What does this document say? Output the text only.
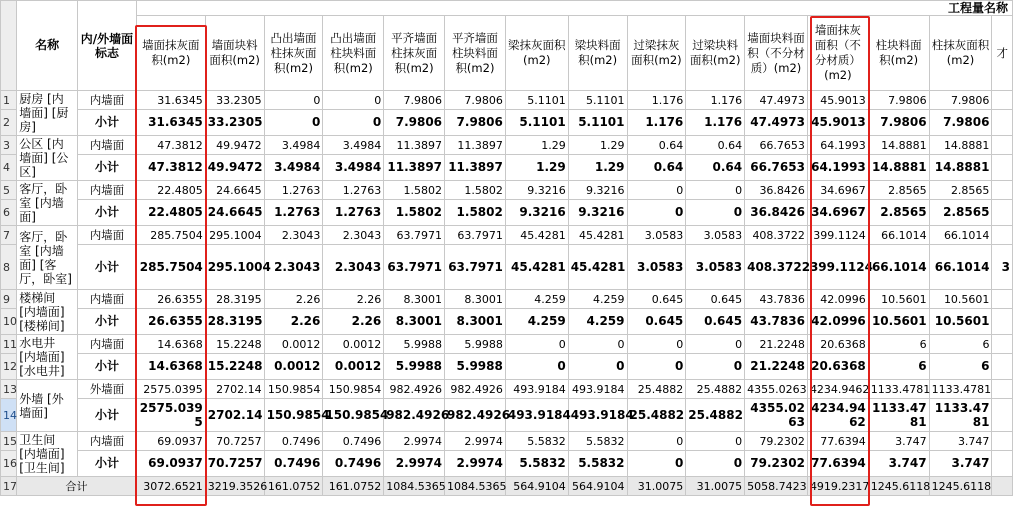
	名称	内/外墙面标志	工程量名称														
			墙面抹灰面积(m2)	墙面块料面积(m2)	凸出墙面柱抹灰面积(m2)	凸出墙面柱块料面积(m2)	平齐墙面柱抹灰面积(m2)	平齐墙面柱块料面积(m2)	梁抹灰面积(m2)	梁块料面积(m2)	过梁抹灰面积(m2)	过梁块料面积(m2)	墙面块料面积（不分材质）(m2)	墙面抹灰面积（不分材质）(m2)	柱块料面积(m2)	柱抹灰面积(m2)	才
1	厨房 [内墙面] [厨房]	内墙面	31.6345	33.2305	0	0	7.9806	7.9806	5.1101	5.1101	1.176	1.176	47.4973	45.9013	7.9806	7.9806	
2		小计	31.6345	33.2305	0	0	7.9806	7.9806	5.1101	5.1101	1.176	1.176	47.4973	45.9013	7.9806	7.9806	
3	公区 [内墙面] [公区]	内墙面	47.3812	49.9472	3.4984	3.4984	11.3897	11.3897	1.29	1.29	0.64	0.64	66.7653	64.1993	14.8881	14.8881	
4		小计	47.3812	49.9472	3.4984	3.4984	11.3897	11.3897	1.29	1.29	0.64	0.64	66.7653	64.1993	14.8881	14.8881	
5	客厅，卧室 [内墙面]	内墙面	22.4805	24.6645	1.2763	1.2763	1.5802	1.5802	9.3216	9.3216	0	0	36.8426	34.6967	2.8565	2.8565	
6		小计	22.4805	24.6645	1.2763	1.2763	1.5802	1.5802	9.3216	9.3216	0	0	36.8426	34.6967	2.8565	2.8565	
7	客厅，卧室 [内墙面] [客厅，卧室]	内墙面	285.7504	295.1004	2.3043	2.3043	63.7971	63.7971	45.4281	45.4281	3.0583	3.0583	408.3722	399.1124	66.1014	66.1014	
8		小计	285.7504	295.1004	2.3043	2.3043	63.7971	63.7971	45.4281	45.4281	3.0583	3.0583	408.3722	399.1124	66.1014	66.1014	3
9	楼梯间 [内墙面] [楼梯间]	内墙面	26.6355	28.3195	2.26	2.26	8.3001	8.3001	4.259	4.259	0.645	0.645	43.7836	42.0996	10.5601	10.5601	
10		小计	26.6355	28.3195	2.26	2.26	8.3001	8.3001	4.259	4.259	0.645	0.645	43.7836	42.0996	10.5601	10.5601	
11	水电井 [内墙面] [水电井]	内墙面	14.6368	15.2248	0.0012	0.0012	5.9988	5.9988	0	0	0	0	21.2248	20.6368	6	6	
12		小计	14.6368	15.2248	0.0012	0.0012	5.9988	5.9988	0	0	0	0	21.2248	20.6368	6	6	
13	外墙 [外墙面]	外墙面	2575.0395	2702.14	150.9854	150.9854	982.4926	982.4926	493.9184	493.9184	25.4882	25.4882	4355.0263	4234.9462	1133.4781	1133.4781	
14		小计	2575.0395	2702.14	150.9854	150.9854	982.4926	982.4926	493.9184	493.9184	25.4882	25.4882	4355.0263	4234.9462	1133.4781	1133.4781	
15	卫生间 [内墙面] [卫生间]	内墙面	69.0937	70.7257	0.7496	0.7496	2.9974	2.9974	5.5832	5.5832	0	0	79.2302	77.6394	3.747	3.747	
16		小计	69.0937	70.7257	0.7496	0.7496	2.9974	2.9974	5.5832	5.5832	0	0	79.2302	77.6394	3.747	3.747	
17	合计		3072.6521	3219.3526	161.0752	161.0752	1084.5365	1084.5365	564.9104	564.9104	31.0075	31.0075	5058.7423	4919.2317	1245.6118	1245.6118	
